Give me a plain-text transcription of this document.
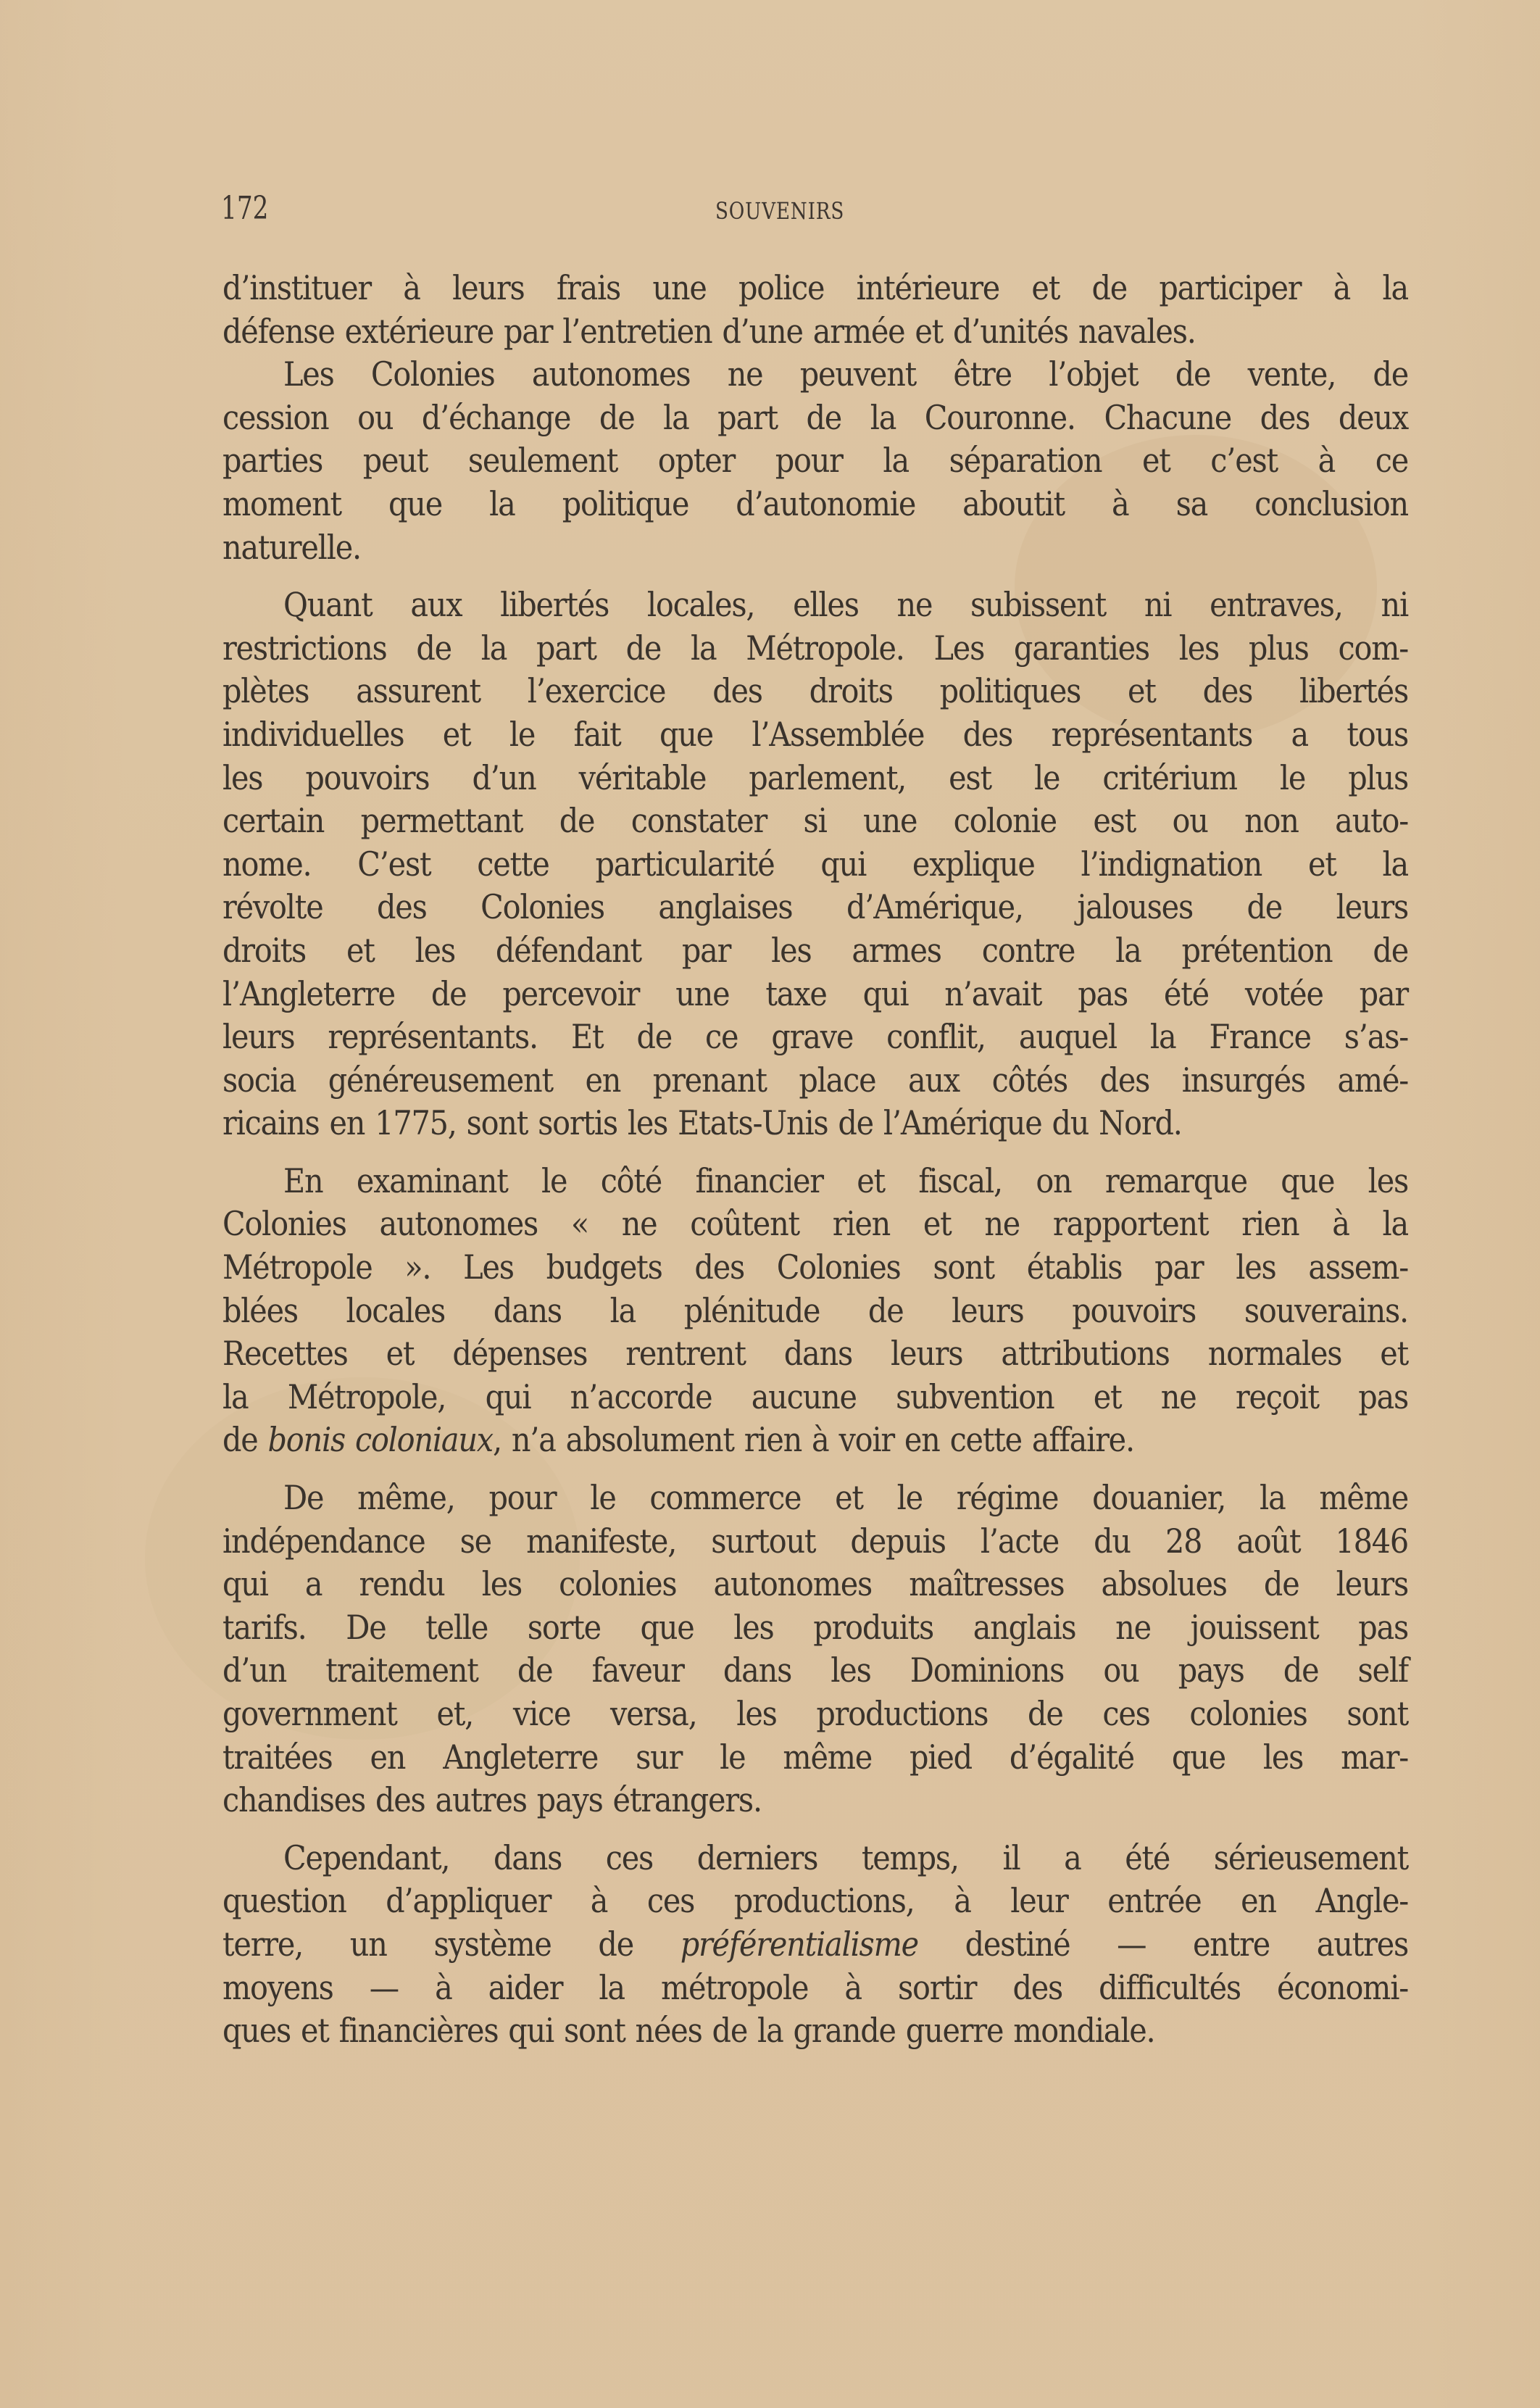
172	SOUVENIRS
d’instituer à leurs frais une police intérieure et de participer à la
défense extérieure par l’entretien d’une armée et d’unités navales.
Les Colonies autonomes ne peuvent être l’objet de vente, de
cession ou d’échange de la part de la Couronne. Chacune des deux
parties peut seulement opter pour la séparation et c’est à ce
moment que la politique d’autonomie aboutit à sa conclusion
naturelle.
Quant aux libertés locales, elles ne subissent ni entraves, ni
restrictions de la part de la Métropole. Les garanties les plus com-
plètes assurent l’exercice des droits politiques et des libertés
individuelles et le fait que l’Assemblée des représentants a tous
les pouvoirs d’un véritable parlement, est le critérium le plus
certain permettant de constater si une colonie est ou non auto-
nome. C’est cette particularité qui explique l’indignation et la
révolte des Colonies anglaises d’Amérique, jalouses de leurs
droits et les défendant par les armes contre la prétention de
l’Angleterre de percevoir une taxe qui n’avait pas été votée par
leurs représentants. Et de ce grave conflit, auquel la France s’as-
socia généreusement en prenant place aux côtés des insurgés amé-
ricains en 1775, sont sortis les Etats-Unis de l’Amérique du Nord.
En examinant le côté financier et fiscal, on remarque que les
Colonies autonomes « ne coûtent rien et ne rapportent rien à la
Métropole ». Les budgets des Colonies sont établis par les assem-
blées locales dans la plénitude de leurs pouvoirs souverains.
Recettes et dépenses rentrent dans leurs attributions normales et
la Métropole, qui n’accorde aucune subvention et ne reçoit pas
de bonis coloniaux, n’a absolument rien à voir en cette affaire.
De même, pour le commerce et le régime douanier, la même
indépendance se manifeste, surtout depuis l’acte du 28 août 1846
qui a rendu les colonies autonomes maîtresses absolues de leurs
tarifs. De telle sorte que les produits anglais ne jouissent pas
d’un traitement de faveur dans les Dominions ou pays de self
government et, vice versa, les productions de ces colonies sont
traitées en Angleterre sur le même pied d’égalité que les mar-
chandises des autres pays étrangers.
Cependant, dans ces derniers temps, il a été sérieusement
question d’appliquer à ces productions, à leur entrée en Angle-
terre, un système de préférentialisme destiné — entre autres
moyens — à aider la métropole à sortir des difficultés économi-
ques et financières qui sont nées de la grande guerre mondiale.
